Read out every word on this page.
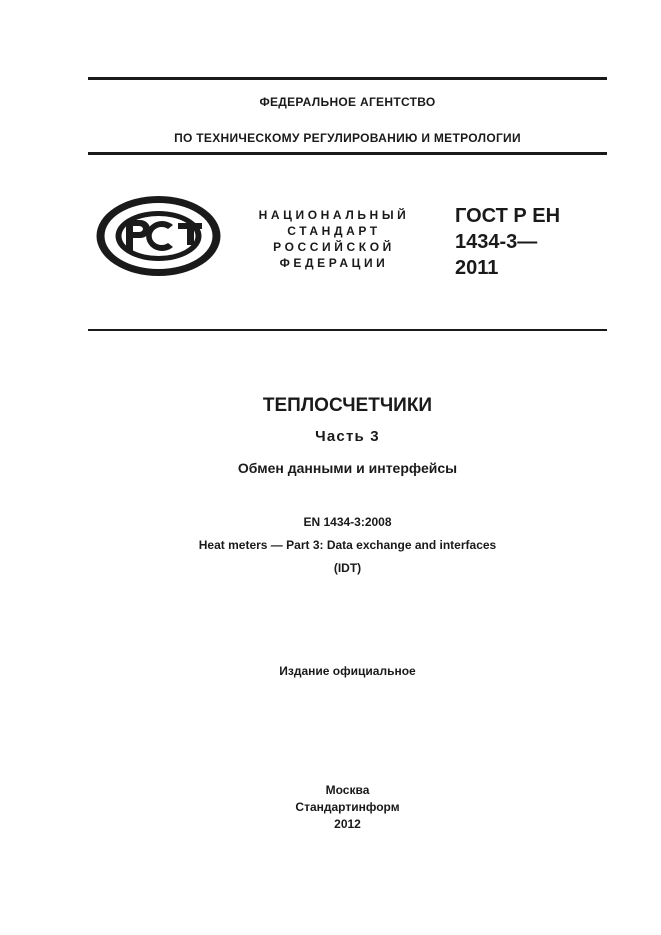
ФЕДЕРАЛЬНОЕ АГЕНТСТВО
ПО ТЕХНИЧЕСКОМУ РЕГУЛИРОВАНИЮ И МЕТРОЛОГИИ
НАЦИОНАЛЬНЫЙ
СТАНДАРТ
РОССИЙСКОЙ
ФЕДЕРАЦИИ
ГОСТ Р ЕН
1434-3—
2011
ТЕПЛОСЧЕТЧИКИ
Часть 3
Обмен данными и интерфейсы
EN 1434-3:2008
Heat meters — Part 3: Data exchange and interfaces
(IDT)
Издание официальное
Москва
Стандартинформ
2012
